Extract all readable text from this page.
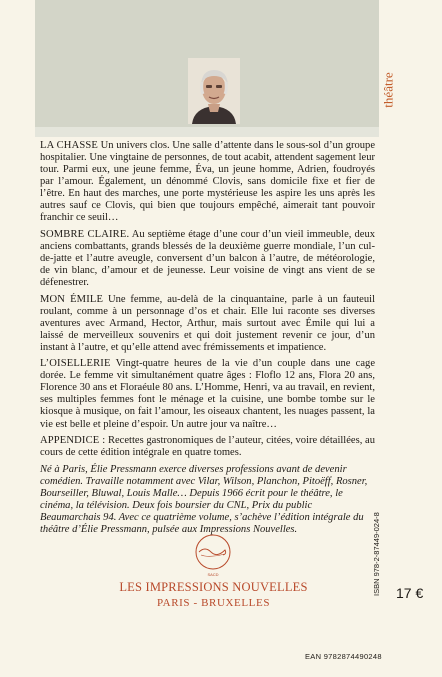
théâtre

LA CHASSE Un univers clos. Une salle d’attente dans le sous-sol d’un groupe hospitalier. Une vingtaine de personnes, de tout acabit, attendent sagement leur tour. Parmi eux, une jeune femme, Éva, un jeune homme, Adrien, foudroyés par l’amour. Également, un dénommé Clovis, sans domicile fixe et fier de l’être. En haut des marches, une porte mystérieuse les aspire les uns après les autres sauf ce Clovis, qui bien que toujours empêché, aimerait tant pouvoir franchir ce seuil…

SOMBRE CLAIRE. Au septième étage d’une cour d’un vieil immeuble, deux anciens combattants, grands blessés de la deuxième guerre mondiale, l’un cul-de-jatte et l’autre aveugle, conversent d’un balcon à l’autre, de météorologie, de vin blanc, d’amour et de jeunesse. Leur voisine de vingt ans vient de se défenestrer.

MON ÉMILE Une femme, au-delà de la cinquantaine, parle à un fauteuil roulant, comme à un personnage d’os et chair. Elle lui raconte ses diverses aventures avec Armand, Hector, Arthur, mais surtout avec Émile qui lui a laissé de merveilleux souvenirs et qui doit justement revenir ce jour, d’un instant à l’autre, et qu’elle attend avec frémissements et impatience.

L’OISELLERIE Vingt-quatre heures de la vie d’un couple dans une cage dorée. Le femme vit simultanément quatre âges : Floflo 12 ans, Flora 20 ans, Florence 30 ans et Floraéule 80 ans. L’Homme, Henri, va au travail, en revient, ses multiples femmes font le ménage et la cuisine, une bombe tombe sur le kiosque à musique, on fait l’amour, les oiseaux chantent, les nuages passent, la vie est belle et pleine d’espoir. Un autre jour va naître…

APPENDICE : Recettes gastronomiques de l’auteur, citées, voire détaillées, au cours de cette édition intégrale en quatre tomes.

Né à Paris, Élie Pressmann exerce diverses professions avant de devenir comédien. Travaille notamment avec Vilar, Wilson, Planchon, Pitoëff, Rosner, Bourseiller, Bluwal, Louis Malle… Depuis 1966 écrit pour le théâtre, le cinéma, la télévision. Deux fois boursier du CNL, Prix du public Beaumarchais 94. Avec ce quatrième volume, s’achève l’édition intégrale du théâtre d’Élie Pressmann, pulsée aux Impressions Nouvelles.

SACD
LES IMPRESSIONS NOUVELLES
PARIS - BRUXELLES
ISBN 978-2-87449-024-8 17 €
EAN 9782874490248
